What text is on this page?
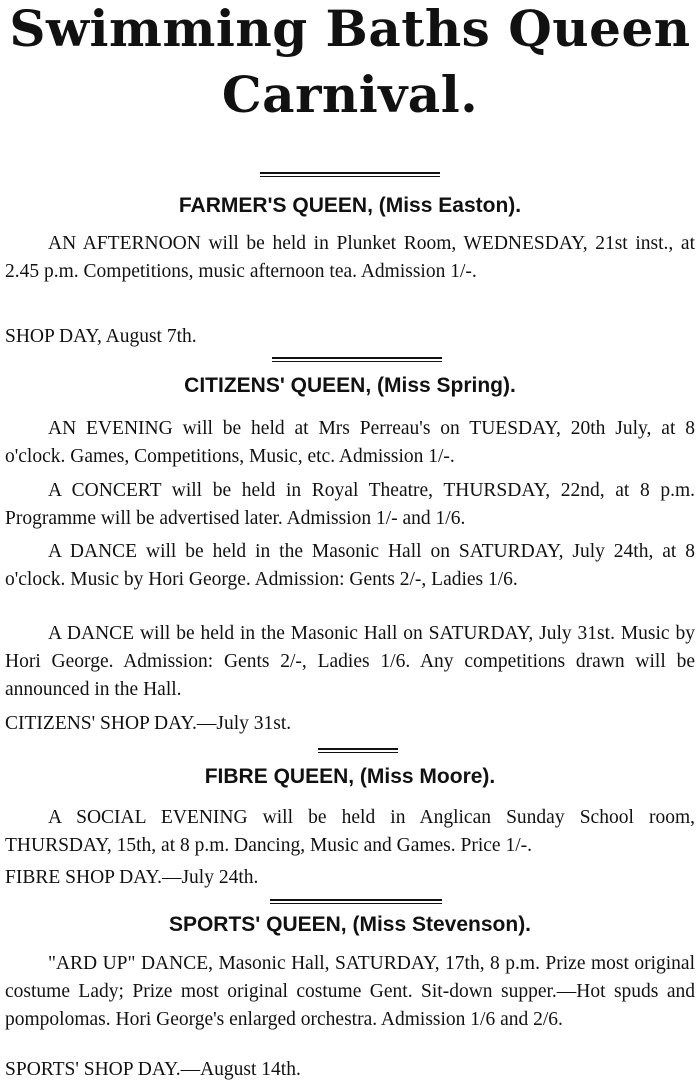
Swimming Baths Queen
Carnival.
FARMER'S QUEEN, (Miss Easton).
AN AFTERNOON will be held in Plunket Room, WEDNESDAY, 21st inst., at 2.45 p.m. Competitions, music afternoon tea. Admission 1/-.
SHOP DAY, August 7th.
CITIZENS' QUEEN, (Miss Spring).
AN EVENING will be held at Mrs Perreau's on TUESDAY, 20th July, at 8 o'clock. Games, Competitions, Music, etc. Admission 1/-.
A CONCERT will be held in Royal Theatre, THURSDAY, 22nd, at 8 p.m. Programme will be advertised later. Admission 1/- and 1/6.
A DANCE will be held in the Masonic Hall on SATURDAY, July 24th, at 8 o'clock. Music by Hori George. Admission: Gents 2/-, Ladies 1/6.
A DANCE will be held in the Masonic Hall on SATURDAY, July 31st. Music by Hori George. Admission: Gents 2/-, Ladies 1/6. Any competitions drawn will be announced in the Hall.
CITIZENS' SHOP DAY.—July 31st.
FIBRE QUEEN, (Miss Moore).
A SOCIAL EVENING will be held in Anglican Sunday School room, THURSDAY, 15th, at 8 p.m. Dancing, Music and Games. Price 1/-.
FIBRE SHOP DAY.—July 24th.
SPORTS' QUEEN, (Miss Stevenson).
"ARD UP" DANCE, Masonic Hall, SATURDAY, 17th, 8 p.m. Prize most original costume Lady; Prize most original costume Gent. Sit-down supper.—Hot spuds and pompolomas. Hori George's enlarged orchestra. Admission 1/6 and 2/6.
SPORTS' SHOP DAY.—August 14th.
